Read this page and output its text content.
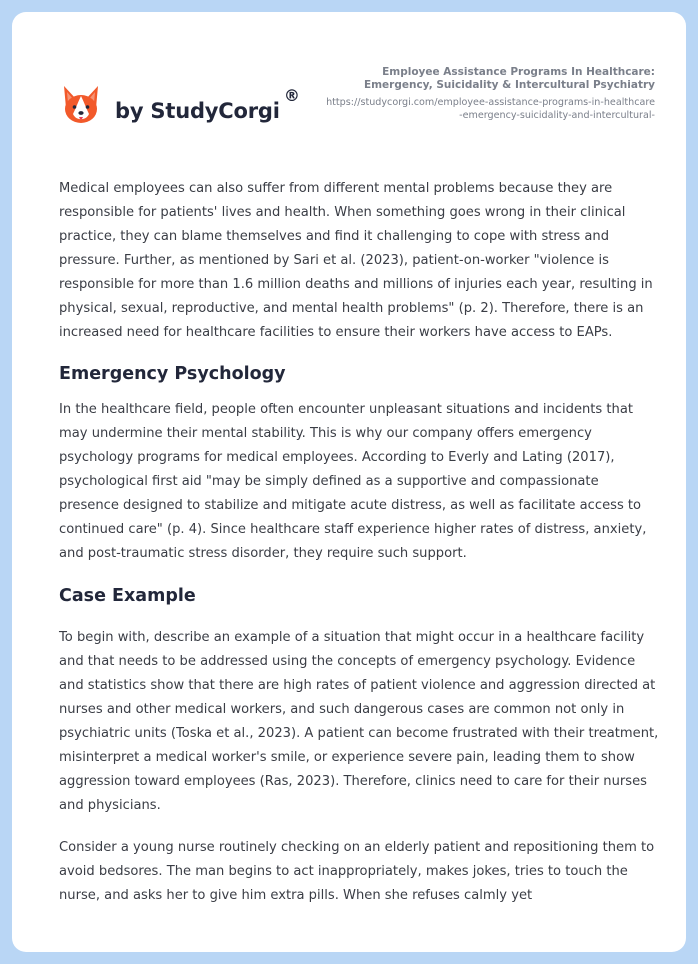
by StudyCorgi
®
Employee Assistance Programs In Healthcare: Emergency, Suicidality & Intercultural Psychiatry
https://studycorgi.com/employee-assistance-programs-in-healthcare-emergency-suicidality-and-intercultural-

Medical employees can also suffer from different mental problems because they are responsible for patients' lives and health. When something goes wrong in their clinical practice, they can blame themselves and find it challenging to cope with stress and pressure. Further, as mentioned by Sari et al. (2023), patient-on-worker "violence is responsible for more than 1.6 million deaths and millions of injuries each year, resulting in physical, sexual, reproductive, and mental health problems" (p. 2). Therefore, there is an increased need for healthcare facilities to ensure their workers have access to EAPs.

Emergency Psychology

In the healthcare field, people often encounter unpleasant situations and incidents that may undermine their mental stability. This is why our company offers emergency psychology programs for medical employees. According to Everly and Lating (2017), psychological first aid "may be simply defined as a supportive and compassionate presence designed to stabilize and mitigate acute distress, as well as facilitate access to continued care" (p. 4). Since healthcare staff experience higher rates of distress, anxiety, and post-traumatic stress disorder, they require such support.

Case Example

To begin with, describe an example of a situation that might occur in a healthcare facility and that needs to be addressed using the concepts of emergency psychology. Evidence and statistics show that there are high rates of patient violence and aggression directed at nurses and other medical workers, and such dangerous cases are common not only in psychiatric units (Toska et al., 2023). A patient can become frustrated with their treatment, misinterpret a medical worker's smile, or experience severe pain, leading them to show aggression toward employees (Ras, 2023). Therefore, clinics need to care for their nurses and physicians.

Consider a young nurse routinely checking on an elderly patient and repositioning them to avoid bedsores. The man begins to act inappropriately, makes jokes, tries to touch the nurse, and asks her to give him extra pills. When she refuses calmly yet
